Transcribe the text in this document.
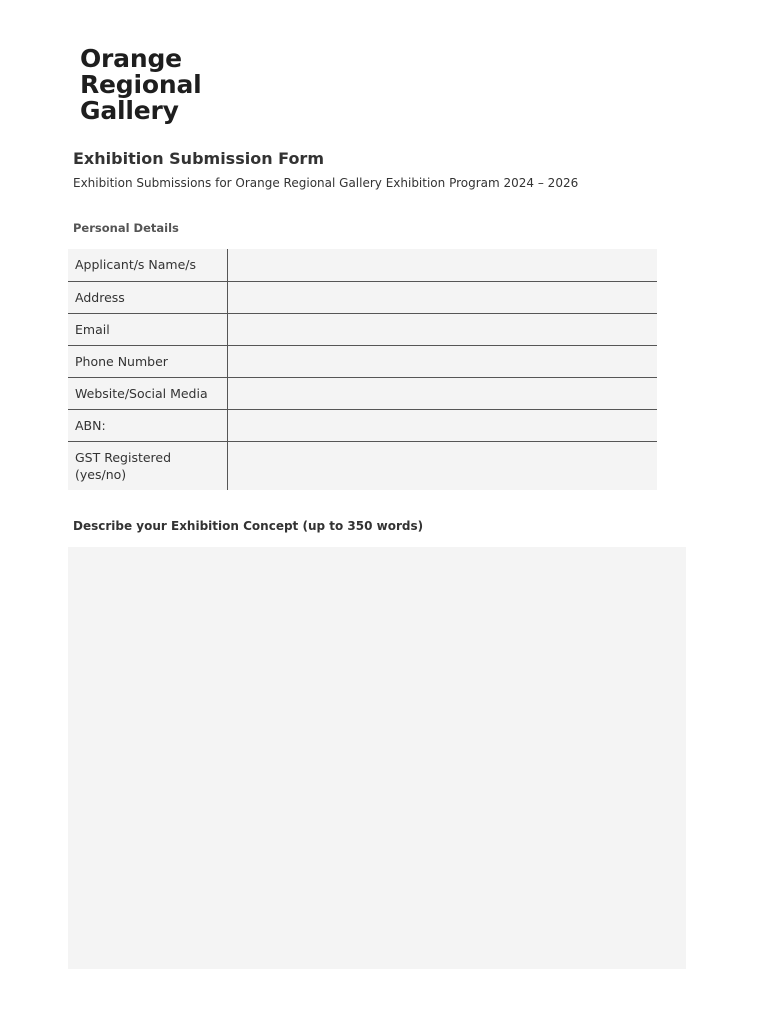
Orange
Regional
Gallery
Exhibition Submission Form
Exhibition Submissions for Orange Regional Gallery Exhibition Program 2024 – 2026
Personal Details
Applicant/s Name/s
Address
Email
Phone Number
Website/Social Media
ABN:
GST Registered (yes/no)
Describe your Exhibition Concept (up to 350 words)
